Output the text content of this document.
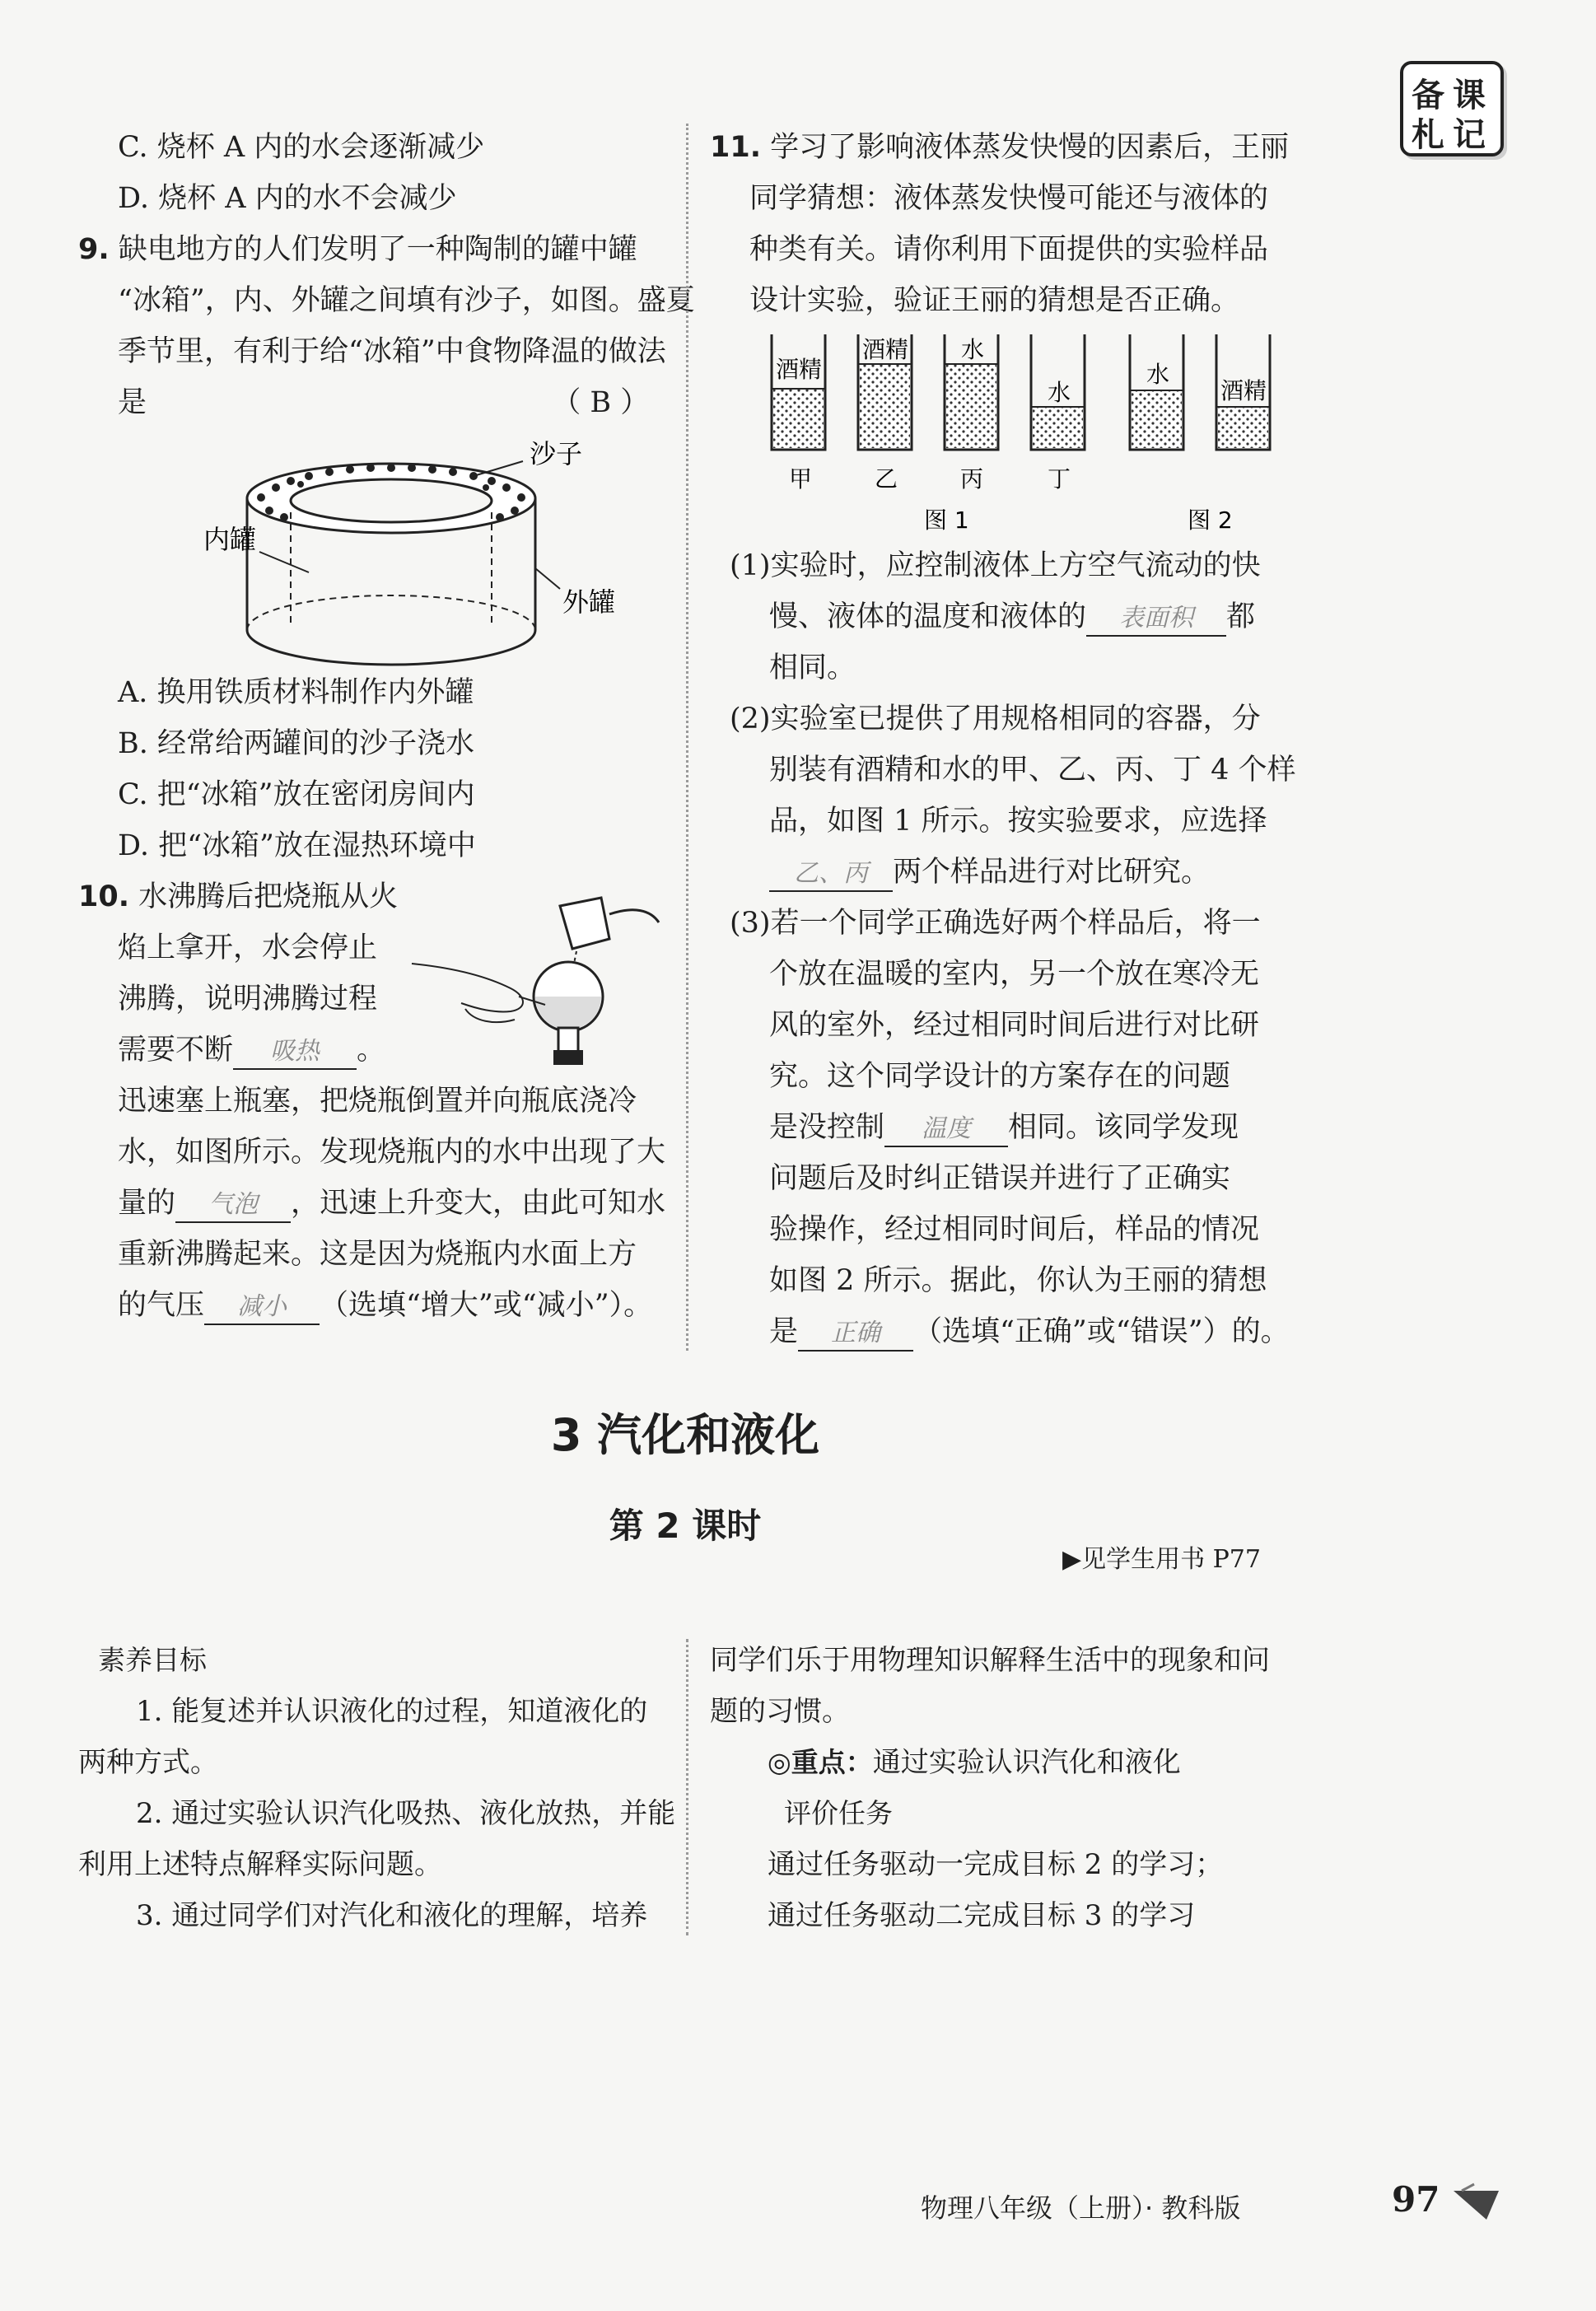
备 课
札 记
C. 烧杯 A 内的水会逐渐减少
D. 烧杯 A 内的水不会减少
9. 缺电地方的人们发明了一种陶制的罐中罐
“冰箱”，内、外罐之间填有沙子，如图。盛夏
季节里，有利于给“冰箱”中食物降温的做法
是	（ B ）
沙子
内罐
外罐
A. 换用铁质材料制作内外罐
B. 经常给两罐间的沙子浇水
C. 把“冰箱”放在密闭房间内
D. 把“冰箱”放在湿热环境中
10. 水沸腾后把烧瓶从火
焰上拿开，水会停止
沸腾，说明沸腾过程
需要不断 吸热 。
迅速塞上瓶塞，把烧瓶倒置并向瓶底浇冷
水，如图所示。发现烧瓶内的水中出现了大
量的 气泡 ，迅速上升变大，由此可知水
重新沸腾起来。这是因为烧瓶内水面上方
的气压 减小 （选填“增大”或“减小”）。
11. 学习了影响液体蒸发快慢的因素后，王丽
同学猜想：液体蒸发快慢可能还与液体的
种类有关。请你利用下面提供的实验样品
设计实验，验证王丽的猜想是否正确。
酒精
甲
酒精
乙
水
丙
水
丁
水
酒精
图 1	图 2
(1)实验时，应控制液体上方空气流动的快
慢、液体的温度和液体的 表面积 都
相同。
(2)实验室已提供了用规格相同的容器，分
别装有酒精和水的甲、乙、丙、丁 4 个样
品，如图 1 所示。按实验要求，应选择
乙、丙 两个样品进行对比研究。
(3)若一个同学正确选好两个样品后，将一
个放在温暖的室内，另一个放在寒冷无
风的室外，经过相同时间后进行对比研
究。这个同学设计的方案存在的问题
是没控制 温度 相同。该同学发现
问题后及时纠正错误并进行了正确实
验操作，经过相同时间后，样品的情况
如图 2 所示。据此，你认为王丽的猜想
是 正确 （选填“正确”或“错误”）的。
3 汽化和液化
第 2 课时
▶见学生用书 P77
素养目标
1. 能复述并认识液化的过程，知道液化的
两种方式。
2. 通过实验认识汽化吸热、液化放热，并能
利用上述特点解释实际问题。
3. 通过同学们对汽化和液化的理解，培养
同学们乐于用物理知识解释生活中的现象和问
题的习惯。
◎重点：通过实验认识汽化和液化
评价任务
通过任务驱动一完成目标 2 的学习；
通过任务驱动二完成目标 3 的学习
物理八年级（上册）· 教科版	97
